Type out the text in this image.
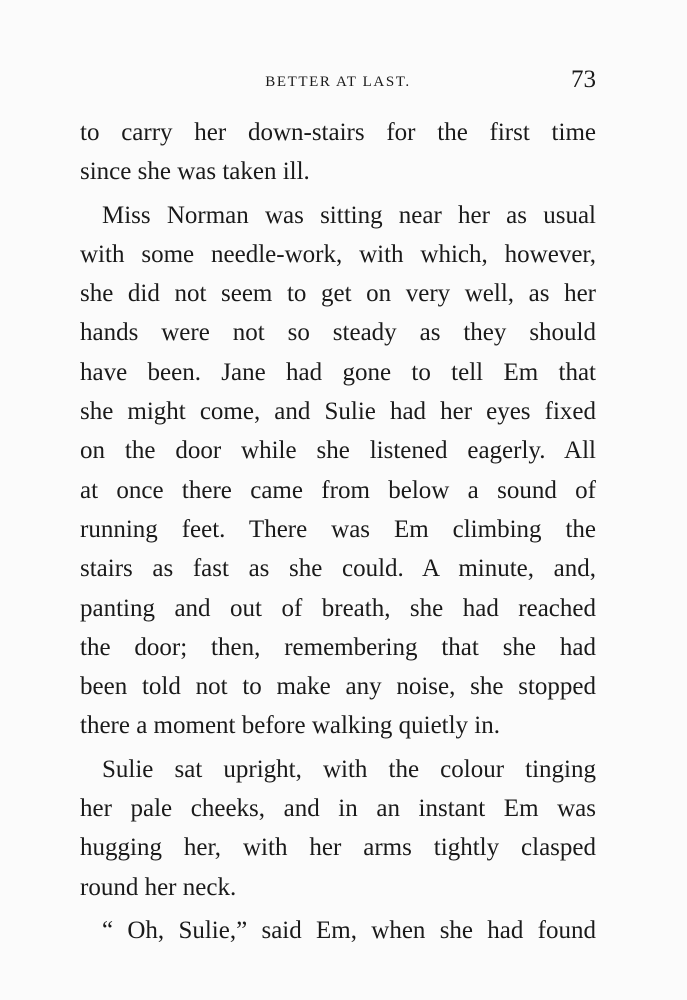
BETTER AT LAST.	73
to carry her down-stairs for the first time
since she was taken ill.
Miss Norman was sitting near her as usual
with some needle-work, with which, however,
she did not seem to get on very well, as her
hands were not so steady as they should
have been. Jane had gone to tell Em that
she might come, and Sulie had her eyes fixed
on the door while she listened eagerly. All
at once there came from below a sound of
running feet. There was Em climbing the
stairs as fast as she could. A minute, and,
panting and out of breath, she had reached
the door; then, remembering that she had
been told not to make any noise, she stopped
there a moment before walking quietly in.
Sulie sat upright, with the colour tinging
her pale cheeks, and in an instant Em was
hugging her, with her arms tightly clasped
round her neck.
“ Oh, Sulie,” said Em, when she had found
